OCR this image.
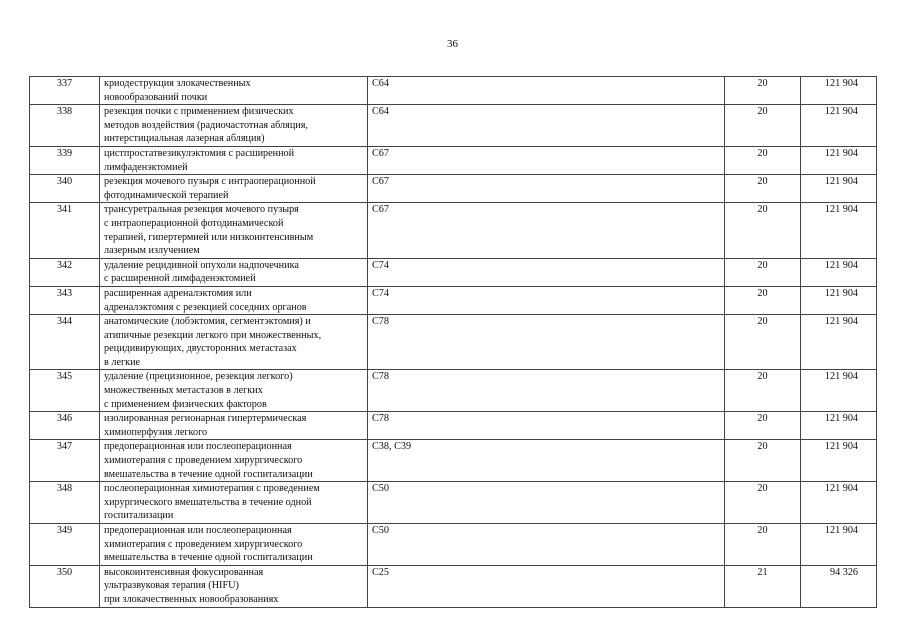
36
337	криодеструкция злокачественных
новообразований почки	C64	20	121 904
338	резекция почки с применением физических
методов воздействия (радиочастотная абляция,
интерстициальная лазерная абляция)	C64	20	121 904
339	цистпростатвезикулэктомия с расширенной
лимфаденэктомией	C67	20	121 904
340	резекция мочевого пузыря с интраоперационной
фотодинамической терапией	C67	20	121 904
341	трансуретральная резекция мочевого пузыря
с интраоперационной фотодинамической
терапией, гипертермией или низкоинтенсивным
лазерным излучением	C67	20	121 904
342	удаление рецидивной опухоли надпочечника
с расширенной лимфаденэктомией	C74	20	121 904
343	расширенная адреналэктомия или
адреналэктомия с резекцией соседних органов	C74	20	121 904
344	анатомические (лобэктомия, сегментэктомия) и
атипичные резекции легкого при множественных,
рецидивирующих, двусторонних метастазах
в легкие	C78	20	121 904
345	удаление (прецизионное, резекция легкого)
множественных метастазов в легких
с применением физических факторов	C78	20	121 904
346	изолированная регионарная гипертермическая
химиоперфузия легкого	C78	20	121 904
347	предоперационная или послеоперационная
химиотерапия с проведением хирургического
вмешательства в течение одной госпитализации	C38, C39	20	121 904
348	послеоперационная химиотерапия с проведением
хирургического вмешательства в течение одной
госпитализации	C50	20	121 904
349	предоперационная или послеоперационная
химиотерапия с проведением хирургического
вмешательства в течение одной госпитализации	C50	20	121 904
350	высокоинтенсивная фокусированная
ультразвуковая терапия (HIFU)
при злокачественных новообразованиях	C25	21	94 326
